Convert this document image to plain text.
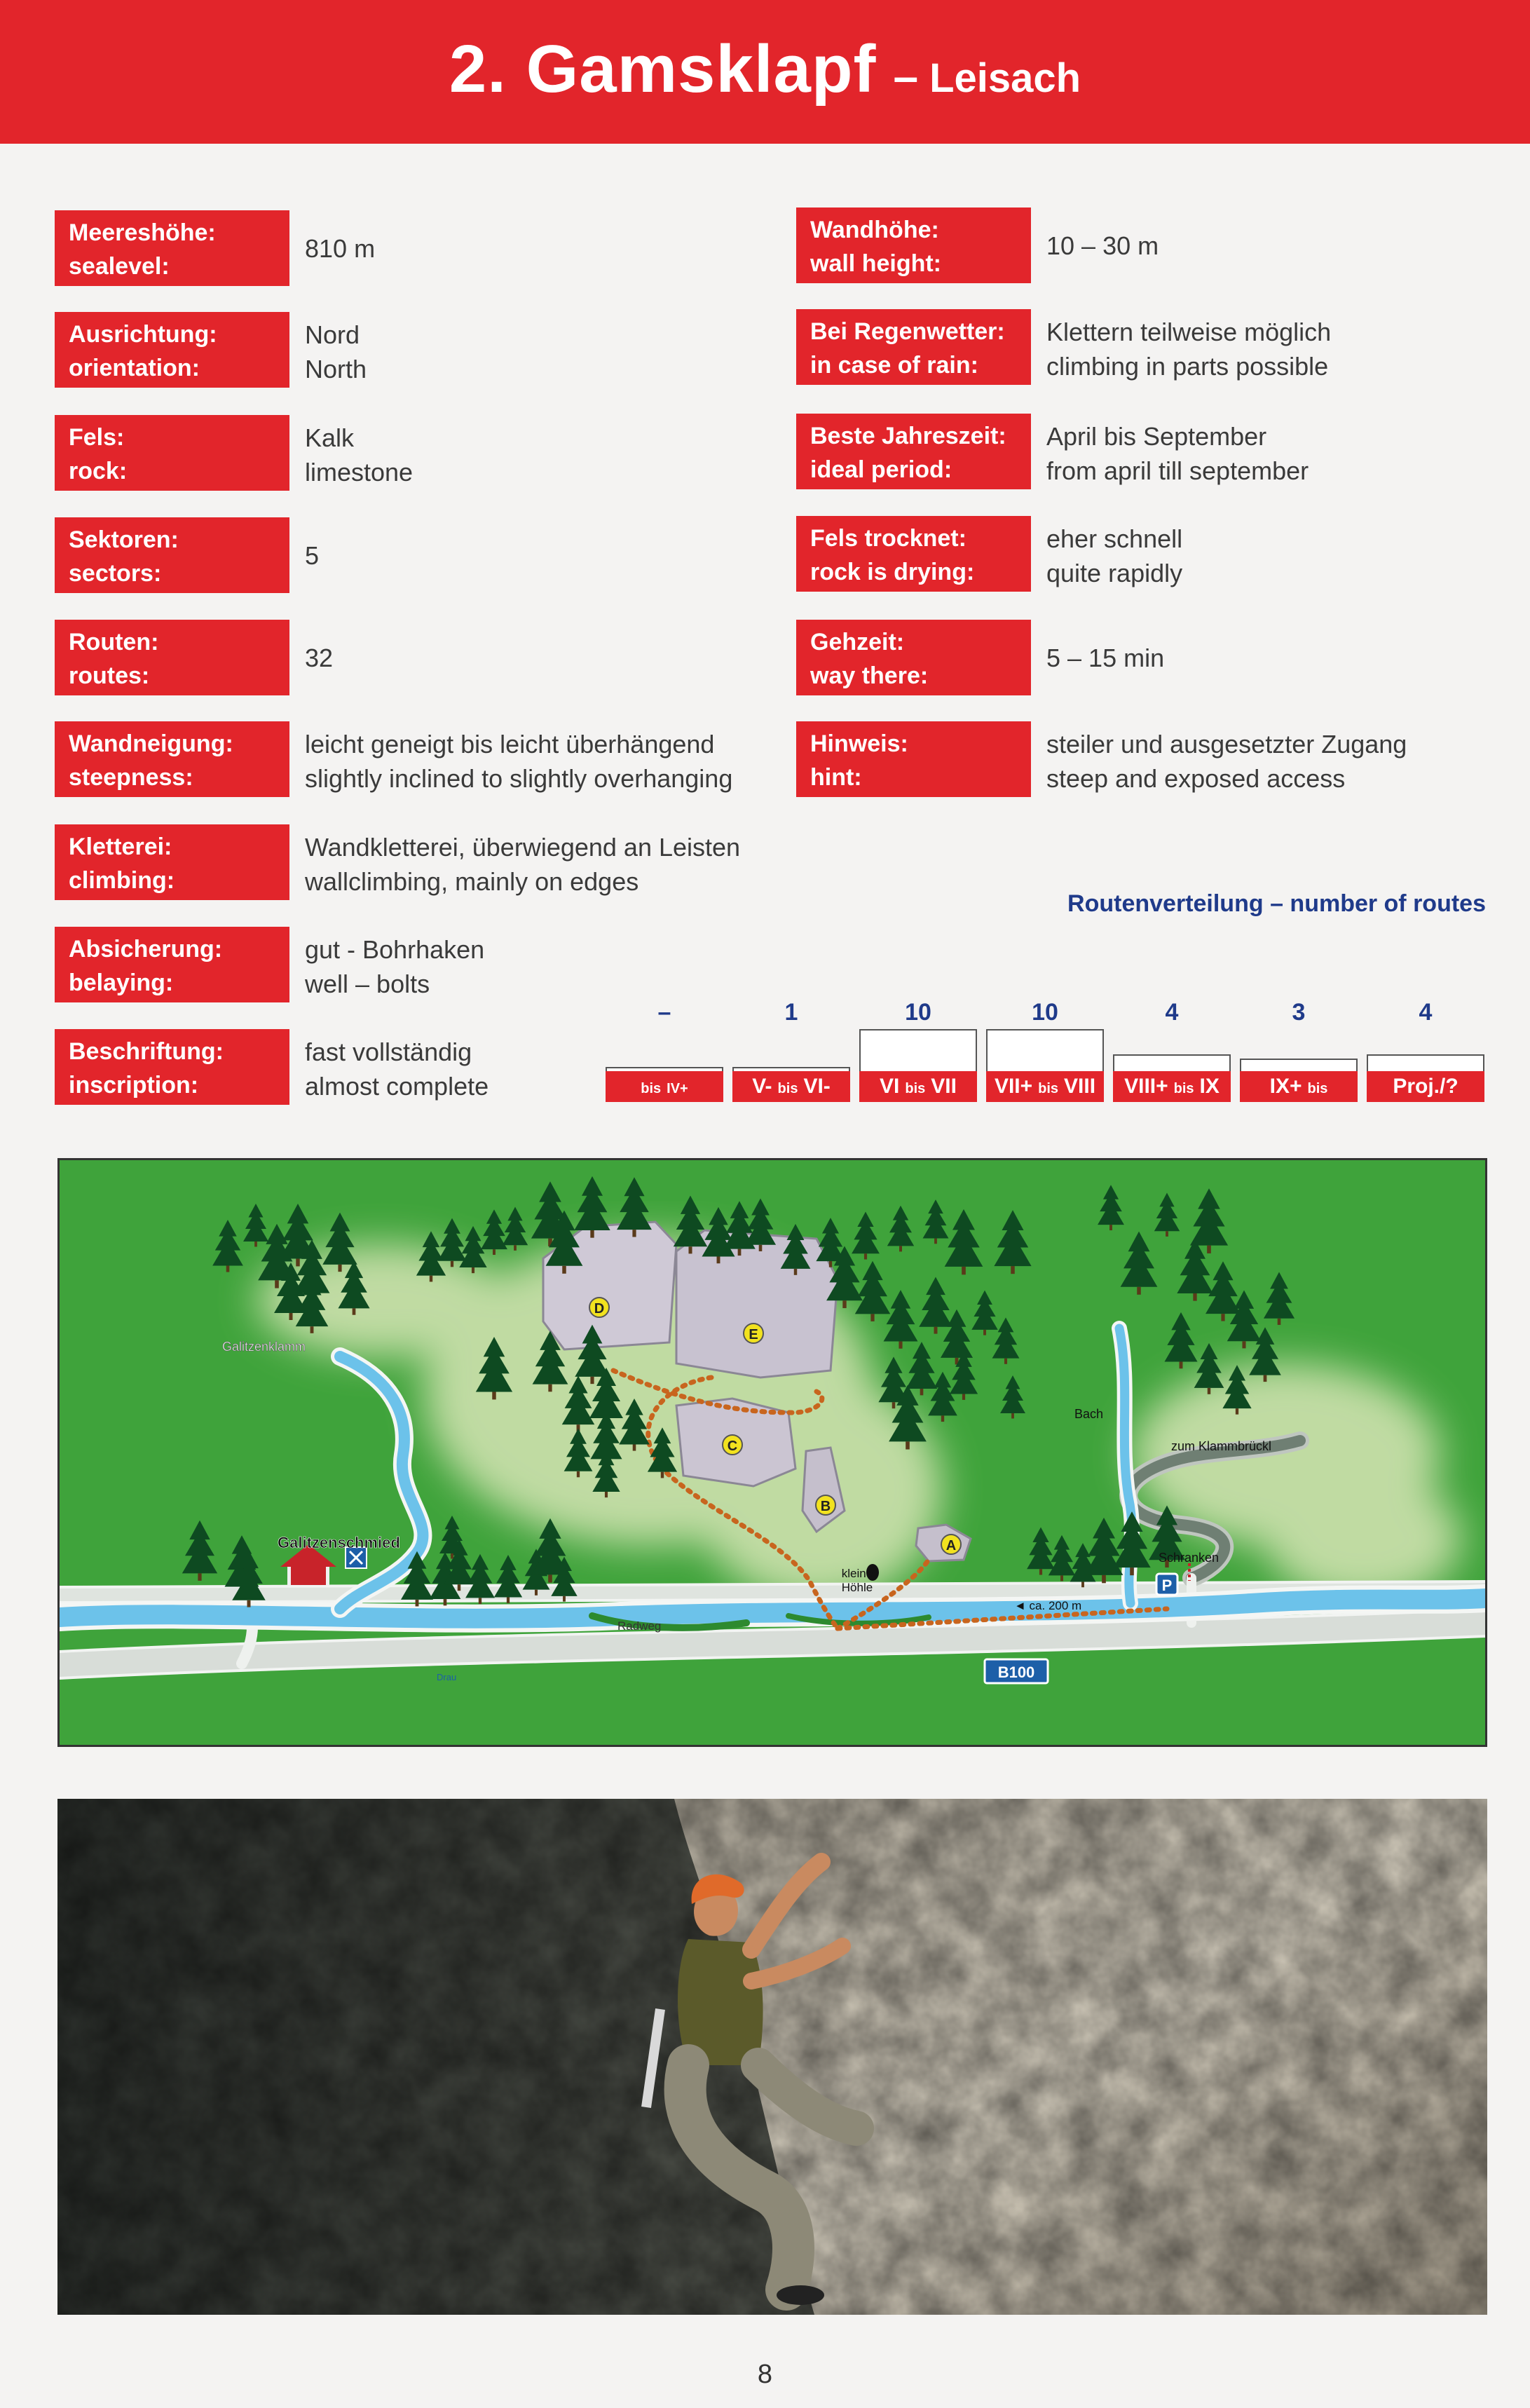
2. Gamsklapf – Leisach
Meereshöhe:
sealevel:
810 m
Ausrichtung:
orientation:
Nord
North
Fels:
rock:
Kalk
limestone
Sektoren:
sectors:
5
Routen:
routes:
32
Wandneigung:
steepness:
leicht geneigt bis leicht überhängend
slightly inclined to slightly overhanging
Kletterei:
climbing:
Wandkletterei, überwiegend an Leisten
wallclimbing, mainly on edges
Absicherung:
belaying:
gut - Bohrhaken
well – bolts
Beschriftung:
inscription:
fast vollständig
almost complete
Wandhöhe:
wall height:
10 – 30 m
Bei Regenwetter:
in case of rain:
Klettern teilweise möglich
climbing in parts possible
Beste Jahreszeit:
ideal period:
April bis September
from april till september
Fels trocknet:
rock is drying:
eher schnell
quite rapidly
Gehzeit:
way there:
5 – 15 min
Hinweis:
hint:
steiler und ausgesetzter Zugang
steep and exposed access
Routenverteilung – number of routes
–
bis IV+
1
V- bis VI-
10
VI bis VII
10
VII+ bis VIII
4
VIII+ bis IX
3
IX+ bis
4
Proj./?
A
B
C
D
E
P
B100
Galitzenklamm
Galitzenschmied
Radweg
Drau
Bach
zum Klammbrückl
Schranken
◄ ca. 200 m
kleine
Höhle
8
